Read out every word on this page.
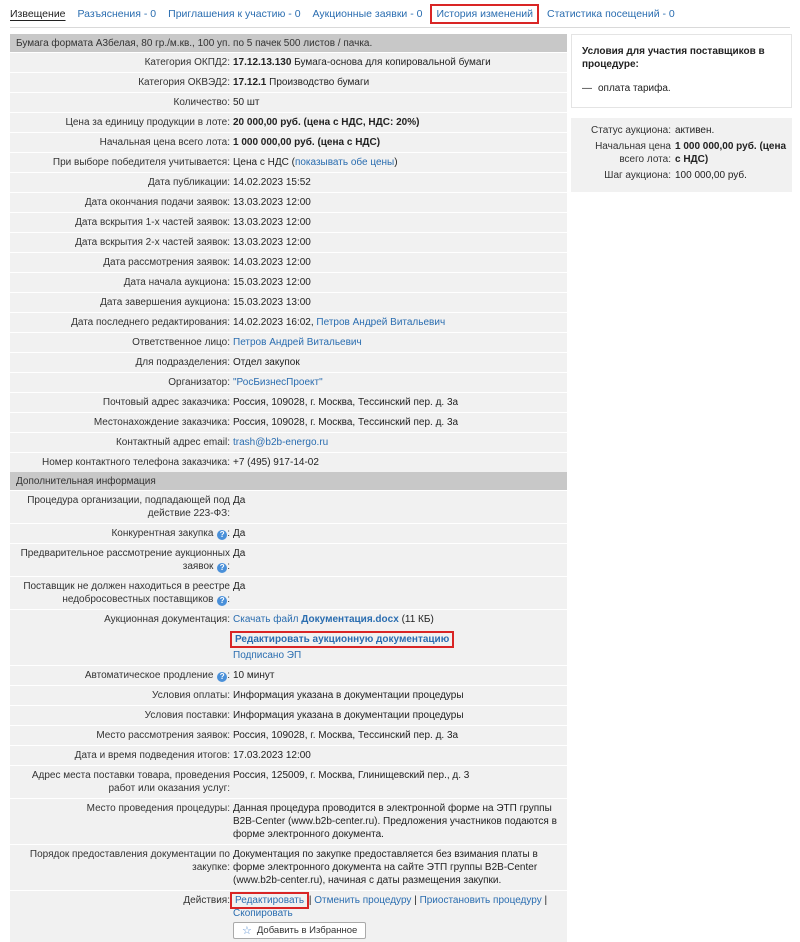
Извещение Разъяснения - 0 Приглашения к участию - 0 Аукционные заявки - 0 История изменений Статистика посещений - 0
Бумага формата А3белая, 80 гр./м.кв., 100 уп. по 5 пачек 500 листов / пачка.
Категория ОКПД2: 17.12.13.130 Бумага-основа для копировальной бумаги
Категория ОКВЭД2: 17.12.1 Производство бумаги
Количество: 50 шт
Цена за единицу продукции в лоте: 20 000,00 руб. (цена с НДС, НДС: 20%)
Начальная цена всего лота: 1 000 000,00 руб. (цена с НДС)
При выборе победителя учитывается: Цена с НДС (показывать обе цены)
Дата публикации: 14.02.2023 15:52
Дата окончания подачи заявок: 13.03.2023 12:00
Дата вскрытия 1-х частей заявок: 13.03.2023 12:00
Дата вскрытия 2-х частей заявок: 13.03.2023 12:00
Дата рассмотрения заявок: 14.03.2023 12:00
Дата начала аукциона: 15.03.2023 12:00
Дата завершения аукциона: 15.03.2023 13:00
Дата последнего редактирования: 14.02.2023 16:02, Петров Андрей Витальевич
Ответственное лицо: Петров Андрей Витальевич
Для подразделения: Отдел закупок
Организатор: "РосБизнесПроект"
Почтовый адрес заказчика: Россия, 109028, г. Москва, Тессинский пер. д. 3а
Местонахождение заказчика: Россия, 109028, г. Москва, Тессинский пер. д. 3а
Контактный адрес email: trash@b2b-energo.ru
Номер контактного телефона заказчика: +7 (495) 917-14-02
Дополнительная информация
Процедура организации, подпадающей под действие 223-ФЗ:
Да
Конкурентная закупка ? : Да
Предварительное рассмотрение аукционных заявок ? :
Да
Поставщик не должен находиться в реестре недобросовестных поставщиков ? :
Да
Аукционная документация: Скачать файл Документация.docx (11 КБ)
Редактировать аукционную документацию
Подписано ЭП
Автоматическое продление ? : 10 минут
Условия оплаты: Информация указана в документации процедуры
Условия поставки: Информация указана в документации процедуры
Место рассмотрения заявок: Россия, 109028, г. Москва, Тессинский пер. д. 3а
Дата и время подведения итогов: 17.03.2023 12:00
Адрес места поставки товара, проведения работ или оказания услуг:
Россия, 125009, г. Москва, Глинищевский пер., д. 3
Место проведения процедуры: Данная процедура проводится в электронной форме на ЭТП группы B2B-Center (www.b2b-center.ru). Предложения участников подаются в форме электронного документа.
Порядок предоставления документации по закупке:
Документация по закупке предоставляется без взимания платы в форме электронного документа на сайте ЭТП группы B2B-Center (www.b2b-center.ru), начиная с даты размещения закупки.
Действия: Редактировать | Отменить процедуру | Приостановить процедуру | Скопировать
☆ Добавить в Избранное
Условия для участия поставщиков в процедуре:
— оплата тарифа.
Статус аукциона: активен.
Начальная цена всего лота:
1 000 000,00 руб. (цена с НДС)
Шаг аукциона: 100 000,00 руб.
